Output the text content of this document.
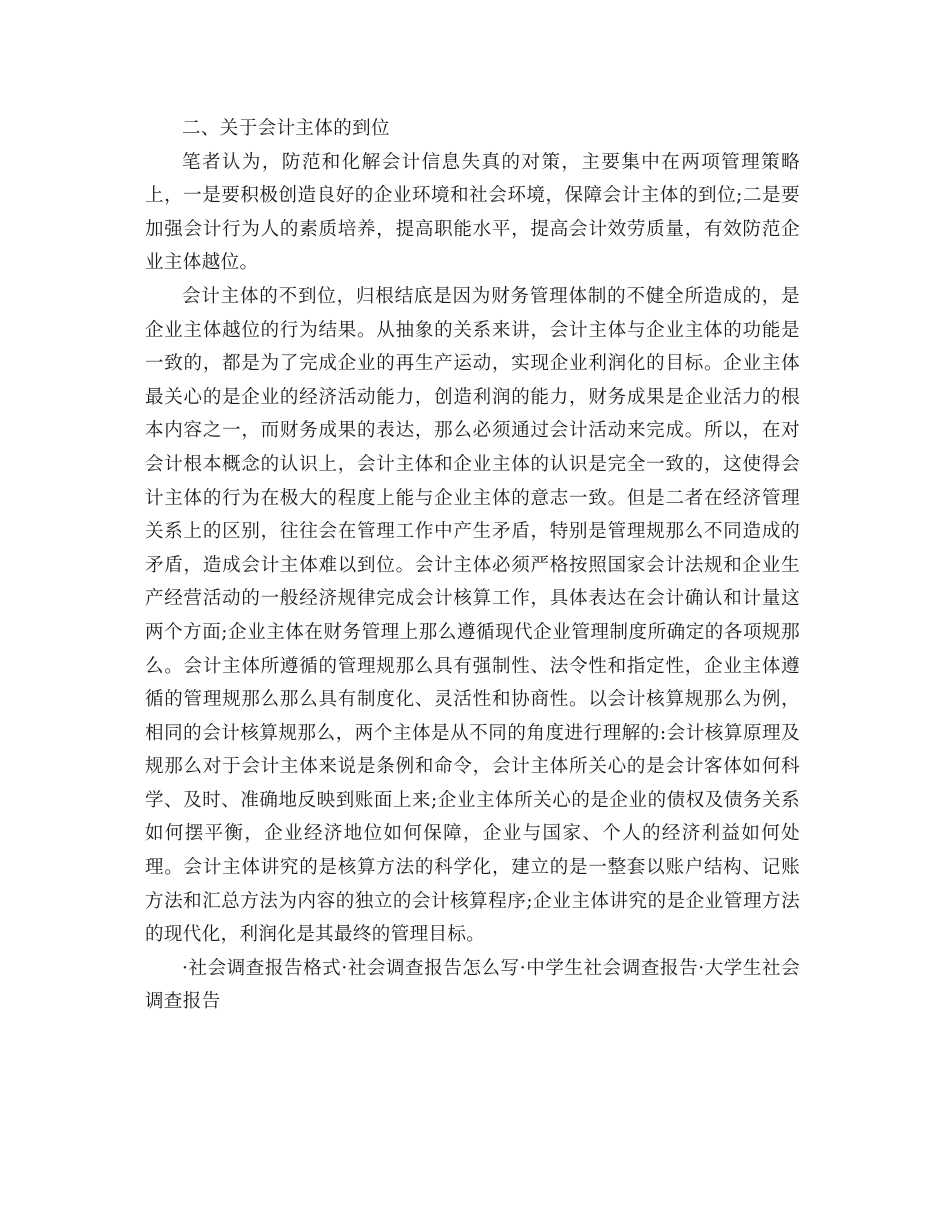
二、关于会计主体的到位

笔者认为，防范和化解会计信息失真的对策，主要集中在两项管理策略上，一是要积极创造良好的企业环境和社会环境，保障会计主体的到位;二是要加强会计行为人的素质培养，提高职能水平，提高会计效劳质量，有效防范企业主体越位。

会计主体的不到位，归根结底是因为财务管理体制的不健全所造成的，是企业主体越位的行为结果。从抽象的关系来讲，会计主体与企业主体的功能是一致的，都是为了完成企业的再生产运动，实现企业利润化的目标。企业主体最关心的是企业的经济活动能力，创造利润的能力，财务成果是企业活力的根本内容之一，而财务成果的表达，那么必须通过会计活动来完成。所以，在对会计根本概念的认识上，会计主体和企业主体的认识是完全一致的，这使得会计主体的行为在极大的程度上能与企业主体的意志一致。但是二者在经济管理关系上的区别，往往会在管理工作中产生矛盾，特别是管理规那么不同造成的矛盾，造成会计主体难以到位。会计主体必须严格按照国家会计法规和企业生产经营活动的一般经济规律完成会计核算工作，具体表达在会计确认和计量这两个方面;企业主体在财务管理上那么遵循现代企业管理制度所确定的各项规那么。会计主体所遵循的管理规那么具有强制性、法令性和指定性，企业主体遵循的管理规那么那么具有制度化、灵活性和协商性。以会计核算规那么为例，相同的会计核算规那么，两个主体是从不同的角度进行理解的:会计核算原理及规那么对于会计主体来说是条例和命令，会计主体所关心的是会计客体如何科学、及时、准确地反映到账面上来;企业主体所关心的是企业的债权及债务关系如何摆平衡，企业经济地位如何保障，企业与国家、个人的经济利益如何处理。会计主体讲究的是核算方法的科学化，建立的是一整套以账户结构、记账方法和汇总方法为内容的独立的会计核算程序;企业主体讲究的是企业管理方法的现代化，利润化是其最终的管理目标。

·社会调查报告格式·社会调查报告怎么写·中学生社会调查报告·大学生社会调查报告
